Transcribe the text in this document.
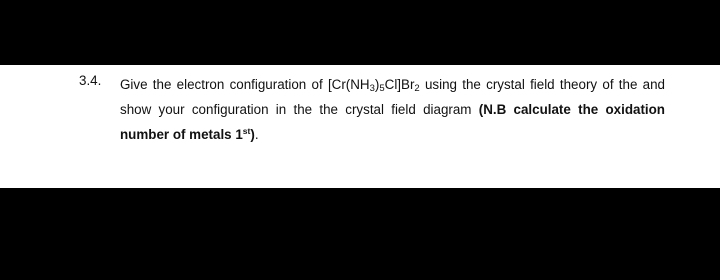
3.4. Give the electron configuration of $[Cr(NH_3)_5Cl]Br_2$ using the crystal field theory of the and show your configuration in the the crystal field diagram (N.B calculate the oxidation number of metals 1st).
